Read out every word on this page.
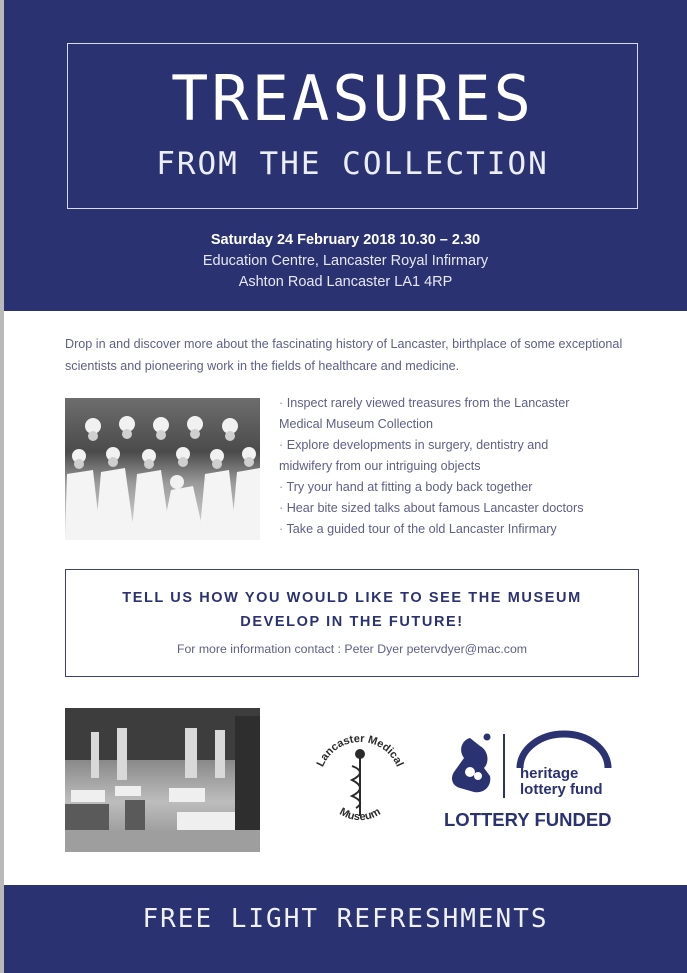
TREASURES
FROM THE COLLECTION
Saturday 24 February 2018 10.30 – 2.30
Education Centre, Lancaster Royal Infirmary
Ashton Road Lancaster LA1 4RP
Drop in and discover more about the fascinating history of Lancaster, birthplace of some exceptional scientists and pioneering work in the fields of healthcare and medicine.
· Inspect rarely viewed treasures from the Lancaster
Medical Museum Collection
· Explore developments in surgery, dentistry and
midwifery from our intriguing objects
· Try your hand at fitting a body back together
· Hear bite sized talks about famous Lancaster doctors
· Take a guided tour of the old Lancaster Infirmary
TELL US HOW YOU WOULD LIKE TO SEE THE MUSEUM
DEVELOP IN THE FUTURE!
For more information contact : Peter Dyer petervdyer@mac.com
Lancaster Medical
Museum
heritage
lottery fund
LOTTERY FUNDED
FREE LIGHT REFRESHMENTS
